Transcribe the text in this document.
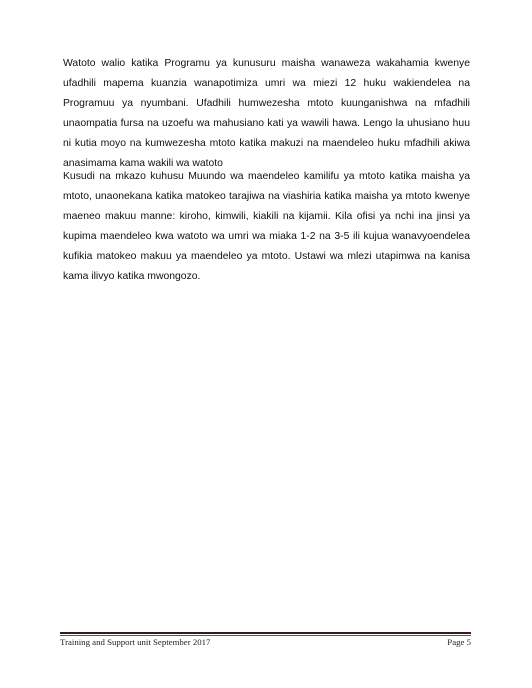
Watoto walio katika Programu ya kunusuru maisha wanaweza wakahamia kwenye ufadhili mapema kuanzia wanapotimiza umri wa miezi 12 huku wakiendelea na Programuu ya nyumbani. Ufadhili humwezesha mtoto kuunganishwa na mfadhili unaompatia fursa na uzoefu wa mahusiano kati ya wawili hawa. Lengo la uhusiano huu ni kutia moyo na kumwezesha mtoto katika makuzi na maendeleo huku mfadhili akiwa anasimama kama wakili wa watoto

Kusudi na mkazo kuhusu Muundo wa maendeleo kamilifu ya mtoto katika maisha ya mtoto, unaonekana katika matokeo tarajiwa na viashiria katika maisha ya mtoto kwenye maeneo makuu manne: kiroho, kimwili, kiakili na kijamii. Kila ofisi ya nchi ina jinsi ya kupima maendeleo kwa watoto wa umri wa miaka 1-2 na 3-5 ili kujua wanavyoendelea kufikia matokeo makuu ya maendeleo ya mtoto. Ustawi wa mlezi utapimwa na kanisa kama ilivyo katika mwongozo.

Training and Support unit September 2017	Page 5
